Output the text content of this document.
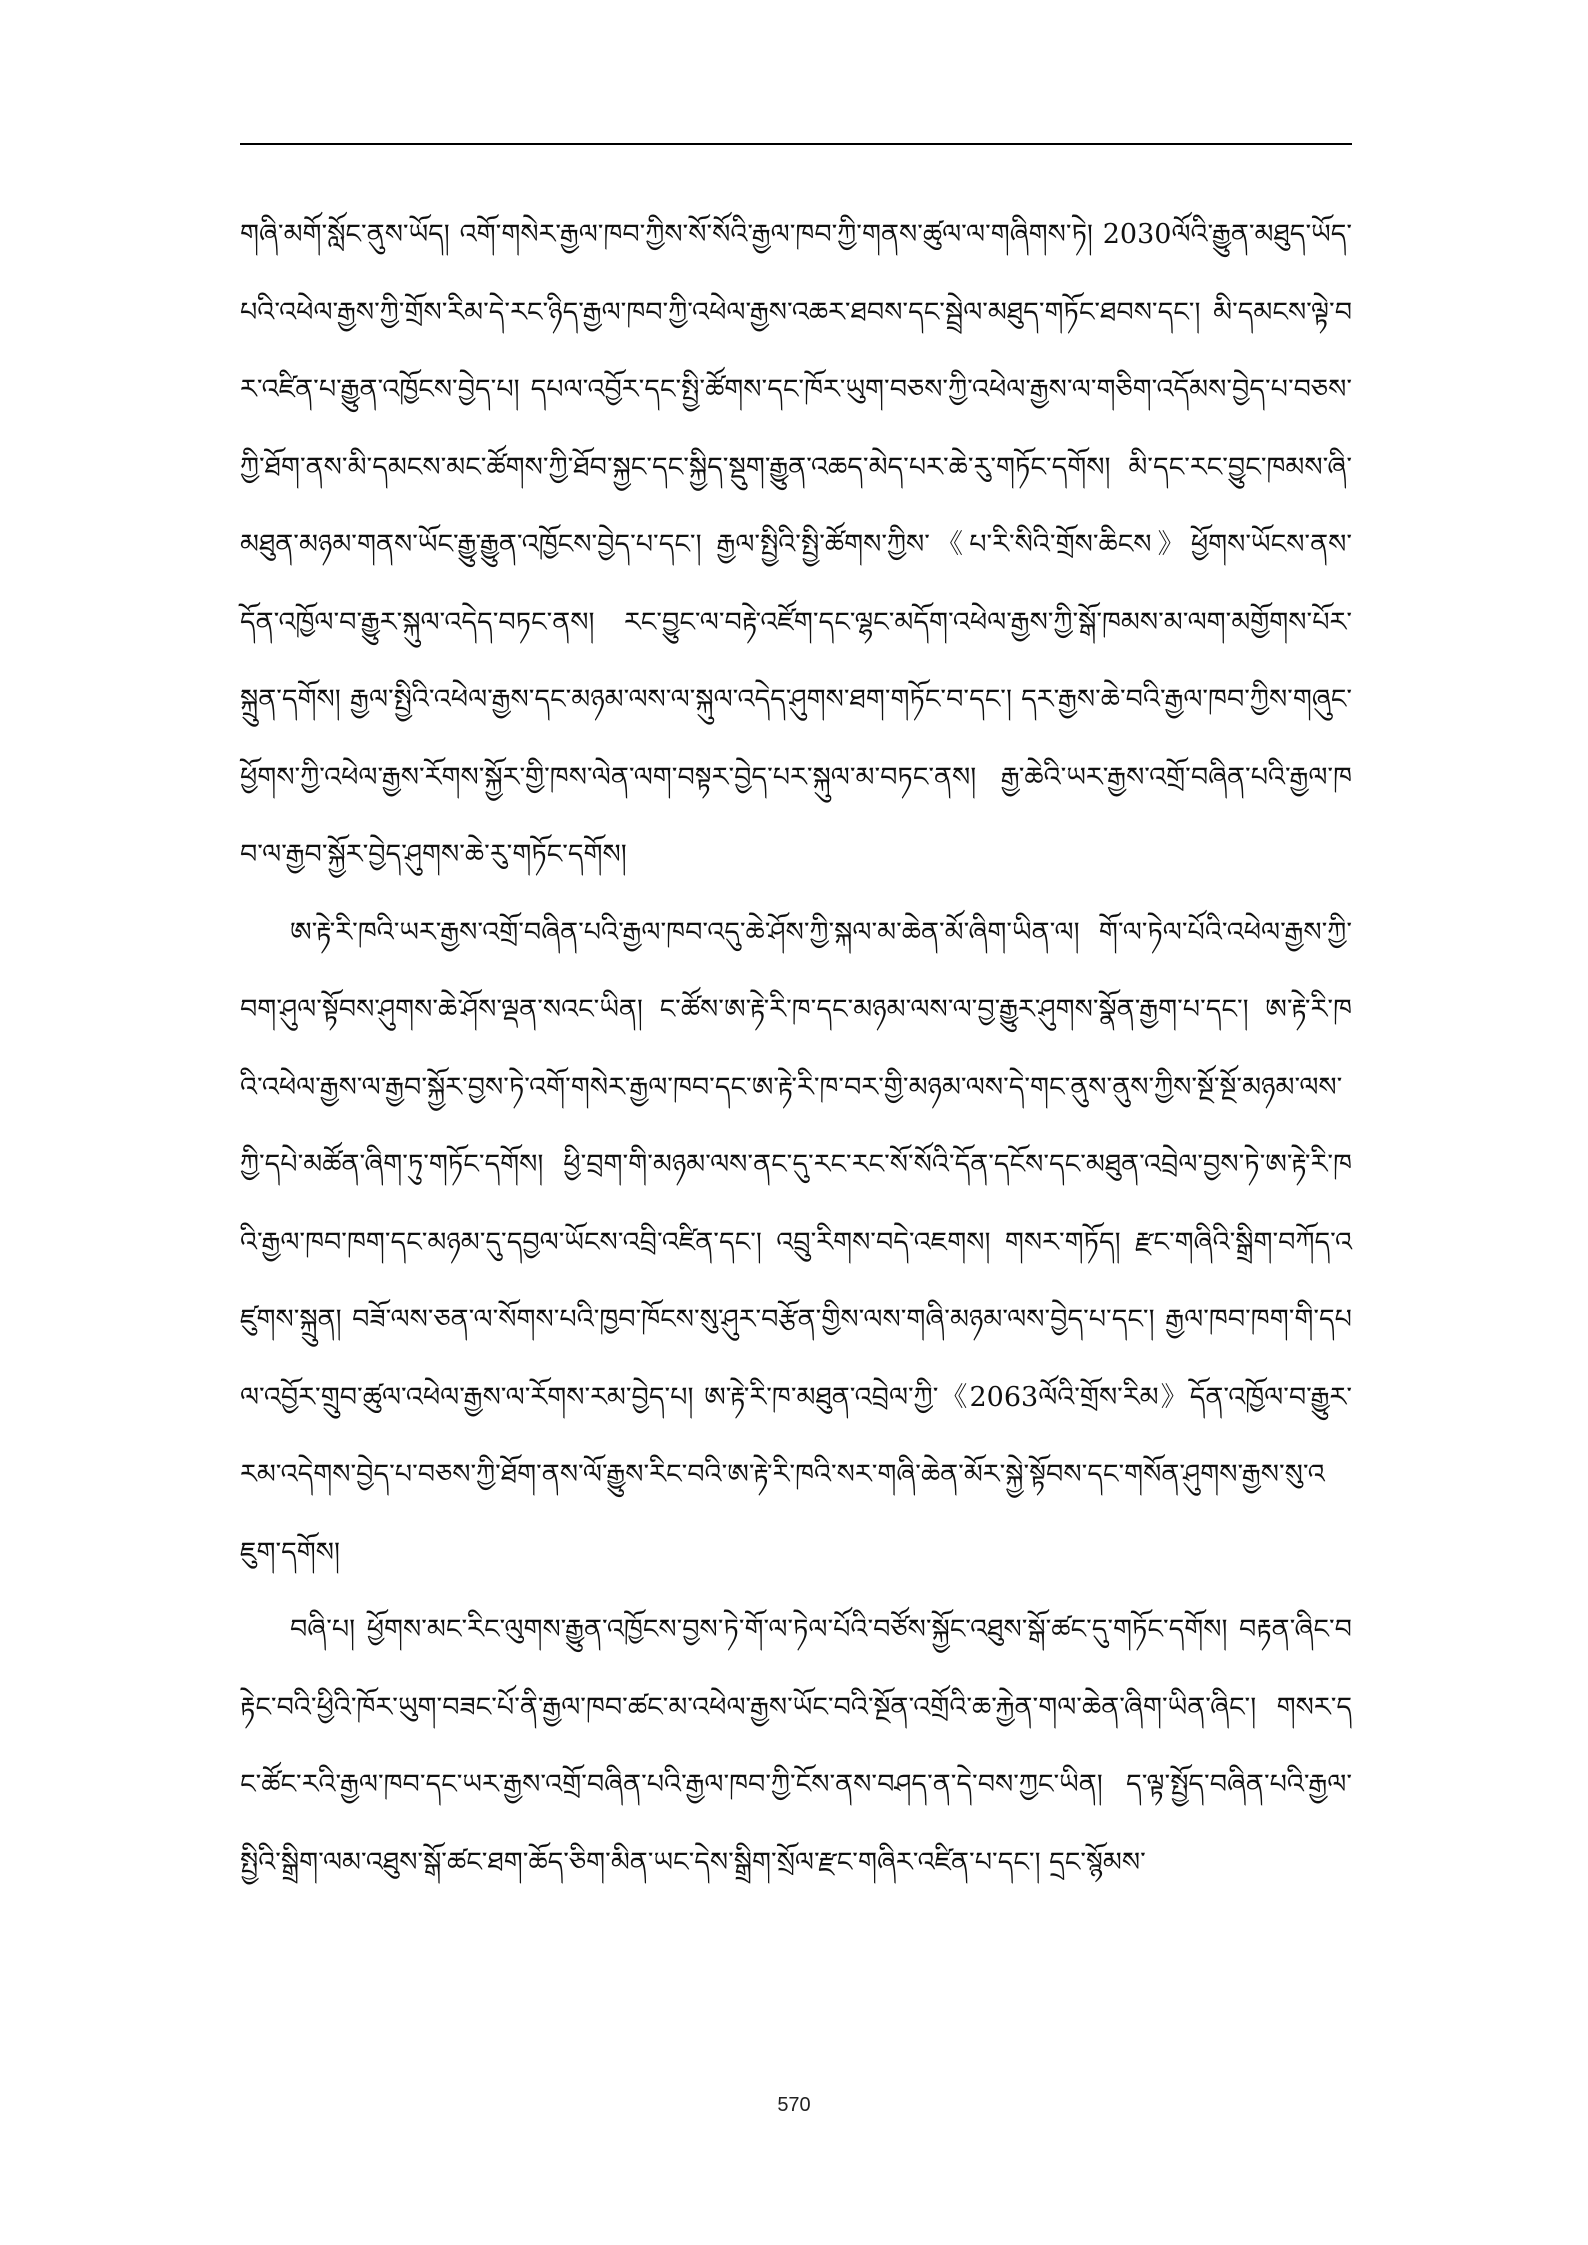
གཞི་མགོ་སློང་ནུས་ཡོད། འགོ་གསེར་རྒྱལ་ཁབ་ཀྱིས་སོ་སོའི་རྒྱལ་ཁབ་ཀྱི་གནས་ཚུལ་ལ་གཞིགས་ཏེ། 2030ལོའི་རྒྱུན་མཐུད་ཡོད་པའི་འཕེལ་རྒྱས་ཀྱི་གྲོས་རིམ་དེ་རང་ཉིད་རྒྱལ་ཁབ་ཀྱི་འཕེལ་རྒྱས་འཆར་ཐབས་དང་སྦྲེལ་མཐུད་གཏོང་ཐབས་དང་། མི་དམངས་ལྟེ་བར་འཛིན་པ་རྒྱུན་འཁྱོངས་བྱེད་པ། དཔལ་འབྱོར་དང་སྤྱི་ཚོགས་དང་ཁོར་ཡུག་བཅས་ཀྱི་འཕེལ་རྒྱས་ལ་གཅིག་འདོམས་བྱེད་པ་བཅས་ཀྱི་ཐོག་ནས་མི་དམངས་མང་ཚོགས་ཀྱི་ཐོབ་སྐྱང་དང་སྐྱིད་སྡུག་རྒྱུན་འཆད་མེད་པར་ཆེ་རུ་གཏོང་དགོས། མི་དང་རང་བྱུང་ཁམས་ཞི་མཐུན་མཉམ་གནས་ཡོང་རྒྱུ་རྒྱུན་འཁྱོངས་བྱེད་པ་དང་། རྒྱལ་སྤྱིའི་སྤྱི་ཚོགས་ཀྱིས་《པ་རི་སིའི་གྲོས་ཆིངས》ཕྱོགས་ཡོངས་ནས་དོན་འཁྱོལ་བ་རྒྱུར་སྐུལ་འདེད་བཏང་ནས། རང་བྱུང་ལ་བརྟེ་འཛོག་དང་ལྷང་མདོག་འཕེལ་རྒྱས་ཀྱི་སྒོ་ཁམས་མ་ལག་མགྱོགས་པོར་སྐྲུན་དགོས། རྒྱལ་སྤྱིའི་འཕེལ་རྒྱས་དང་མཉམ་ལས་ལ་སྐུལ་འདེད་ཤུགས་ཐག་གཏོང་བ་དང་། དར་རྒྱས་ཆེ་བའི་རྒྱལ་ཁབ་ཀྱིས་གཞུང་ཕྱོགས་ཀྱི་འཕེལ་རྒྱས་རོགས་སྐྱོར་གྱི་ཁས་ལེན་ལག་བསྟར་བྱེད་པར་སྐུལ་མ་བཏང་ནས། རྒྱ་ཆེའི་ཡར་རྒྱས་འགྲོ་བཞིན་པའི་རྒྱལ་ཁབ་ལ་རྒྱབ་སྐྱོར་བྱེད་ཤུགས་ཆེ་རུ་གཏོང་དགོས།

ཨ་རྟེ་རི་ཁའི་ཡར་རྒྱས་འགྲོ་བཞིན་པའི་རྒྱལ་ཁབ་འདུ་ཆེ་ཤོས་ཀྱི་སྐལ་མ་ཆེན་མོ་ཞིག་ཡིན་ལ། གོ་ལ་ཏེལ་པོའི་འཕེལ་རྒྱས་ཀྱི་བག་ཤུལ་སྟོབས་ཤུགས་ཆེ་ཤོས་ལྡན་སའང་ཡིན། ང་ཚོས་ཨ་རྟེ་རི་ཁ་དང་མཉམ་ལས་ལ་བྱ་རྒྱུར་ཤུགས་སྣོན་རྒྱག་པ་དང་། ཨ་རྟེ་རི་ཁའི་འཕེལ་རྒྱས་ལ་རྒྱབ་སྐྱོར་བྱས་ཏེ་འགོ་གསེར་རྒྱལ་ཁབ་དང་ཨ་རྟེ་རི་ཁ་བར་གྱི་མཉམ་ལས་དེ་གང་ནུས་ནུས་ཀྱིས་སྔོ་སྔོ་མཉམ་ལས་ཀྱི་དཔེ་མཚོན་ཞིག་ཏུ་གཏོང་དགོས། ཕྱི་བྲག་གི་མཉམ་ལས་ནང་དུ་རང་རང་སོ་སོའི་དོན་དངོས་དང་མཐུན་འབྲེལ་བྱས་ཏེ་ཨ་རྟེ་རི་ཁའི་རྒྱལ་ཁབ་ཁག་དང་མཉམ་དུ་དབྱལ་ཡོངས་འབྲི་འཛིན་དང་། འབྲུ་རིགས་བདེ་འཇགས། གསར་གཏོད། རྫང་གཞིའི་སྒྲིག་བཀོད་འཛུགས་སྐྲུན། བཟོ་ལས་ཅན་ལ་སོགས་པའི་ཁྱབ་ཁོངས་སུ་ཤུར་བརྩོན་གྱིས་ལས་གཞི་མཉམ་ལས་བྱེད་པ་དང་། རྒྱལ་ཁབ་ཁག་གི་དཔལ་འབྱོར་གྲུབ་ཚུལ་འཕེལ་རྒྱས་ལ་རོགས་རམ་བྱེད་པ། ཨ་རྟེ་རི་ཁ་མཐུན་འབྲེལ་ཀྱི་《2063ལོའི་གྲོས་རིམ》དོན་འཁྱོལ་བ་རྒྱུར་རམ་འདེགས་བྱེད་པ་བཅས་ཀྱི་ཐོག་ནས་ལོ་རྒྱུས་རིང་བའི་ཨ་རྟེ་རི་ཁའི་སར་གཞི་ཆེན་མོར་སྐྱེ་སྟོབས་དང་གསོན་ཤུགས་རྒྱས་སུ་འཇུག་དགོས།

བཞི་པ། ཕྱོགས་མང་རིང་ལུགས་རྒྱུན་འཁྱོངས་བྱས་ཏེ་གོ་ལ་ཏེལ་པོའི་བཙོས་སྐྱོང་འཐུས་སྒོ་ཚང་དུ་གཏོང་དགོས། བརྟན་ཞིང་བརྟེང་བའི་ཕྱིའི་ཁོར་ཡུག་བཟང་པོ་ནི་རྒྱལ་ཁབ་ཚང་མ་འཕེལ་རྒྱས་ཡོང་བའི་སྔོན་འགྲོའི་ཆ་རྐྱེན་གལ་ཆེན་ཞིག་ཡིན་ཞིང་། གསར་དང་ཚོང་རའི་རྒྱལ་ཁབ་དང་ཡར་རྒྱས་འགྲོ་བཞིན་པའི་རྒྱལ་ཁབ་ཀྱི་ངོས་ནས་བཤད་ན་དེ་བས་ཀྱང་ཡིན། ད་ལྟ་སྤྱོད་བཞིན་པའི་རྒྱལ་སྤྱིའི་སྒྲིག་ལམ་འཐུས་སྒོ་ཚང་ཐག་ཆོད་ཅིག་མིན་ཡང་དེས་སྒྲིག་སྲོལ་རྫང་གཞིར་འཛིན་པ་དང་། དྲང་སྙོམས་

570
